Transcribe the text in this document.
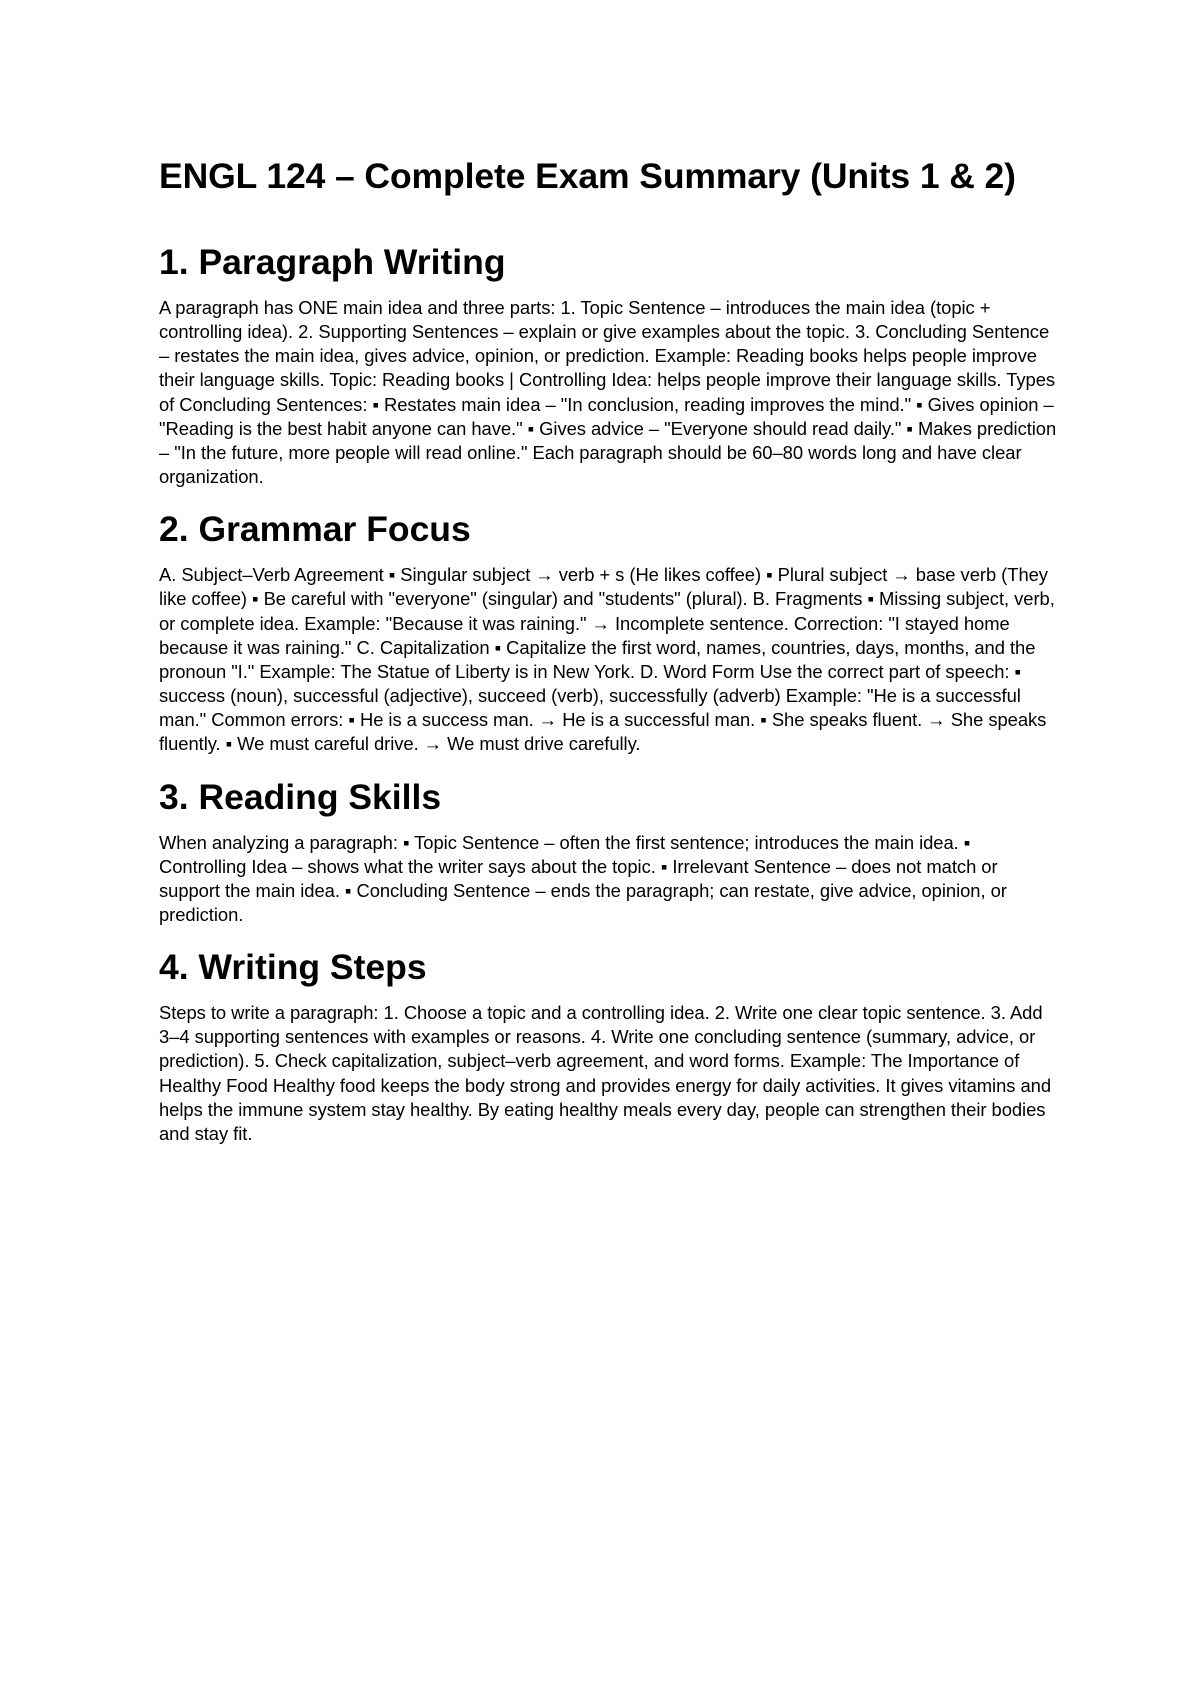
ENGL 124 – Complete Exam Summary (Units 1 & 2)
1. Paragraph Writing

A paragraph has ONE main idea and three parts: 1. Topic Sentence – introduces the main idea (topic + controlling idea). 2. Supporting Sentences – explain or give examples about the topic. 3. Concluding Sentence – restates the main idea, gives advice, opinion, or prediction. Example: Reading books helps people improve their language skills. Topic: Reading books | Controlling Idea: helps people improve their language skills. Types of Concluding Sentences: ▪ Restates main idea – "In conclusion, reading improves the mind." ▪ Gives opinion – "Reading is the best habit anyone can have." ▪ Gives advice – "Everyone should read daily." ▪ Makes prediction – "In the future, more people will read online." Each paragraph should be 60–80 words long and have clear organization.

2. Grammar Focus

A. Subject–Verb Agreement ▪ Singular subject → verb + s (He likes coffee) ▪ Plural subject → base verb (They like coffee) ▪ Be careful with "everyone" (singular) and "students" (plural). B. Fragments ▪ Missing subject, verb, or complete idea. Example: "Because it was raining." → Incomplete sentence. Correction: "I stayed home because it was raining." C. Capitalization ▪ Capitalize the first word, names, countries, days, months, and the pronoun "I." Example: The Statue of Liberty is in New York. D. Word Form Use the correct part of speech: ▪ success (noun), successful (adjective), succeed (verb), successfully (adverb) Example: "He is a successful man." Common errors: ▪ He is a success man. → He is a successful man. ▪ She speaks fluent. → She speaks fluently. ▪ We must careful drive. → We must drive carefully.

3. Reading Skills

When analyzing a paragraph: ▪ Topic Sentence – often the first sentence; introduces the main idea. ▪ Controlling Idea – shows what the writer says about the topic. ▪ Irrelevant Sentence – does not match or support the main idea. ▪ Concluding Sentence – ends the paragraph; can restate, give advice, opinion, or prediction.

4. Writing Steps

Steps to write a paragraph: 1. Choose a topic and a controlling idea. 2. Write one clear topic sentence. 3. Add 3–4 supporting sentences with examples or reasons. 4. Write one concluding sentence (summary, advice, or prediction). 5. Check capitalization, subject–verb agreement, and word forms. Example: The Importance of Healthy Food Healthy food keeps the body strong and provides energy for daily activities. It gives vitamins and helps the immune system stay healthy. By eating healthy meals every day, people can strengthen their bodies and stay fit.
